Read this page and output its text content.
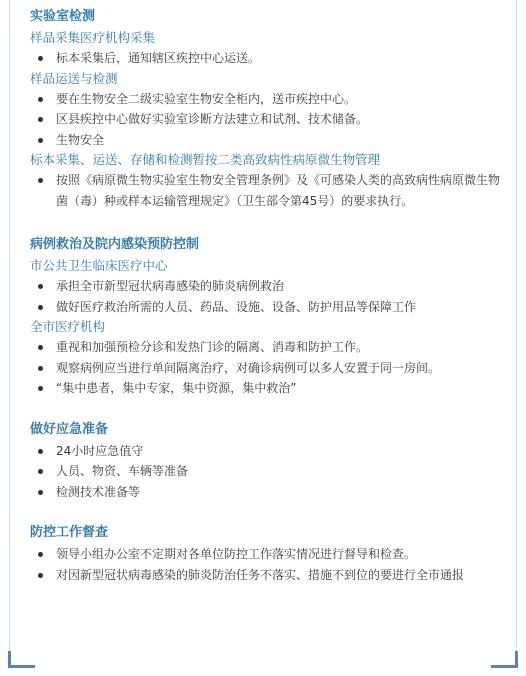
实验室检测
样品采集医疗机构采集
标本采集后，通知辖区疾控中心运送。
样品运送与检测
要在生物安全二级实验室生物安全柜内，送市疾控中心。
区县疾控中心做好实验室诊断方法建立和试剂、技术储备。
生物安全
标本采集、运送、存储和检测暂按二类高致病性病原微生物管理
按照《病原微生物实验室生物安全管理条例》及《可感染人类的高致病性病原微生物菌（毒）种或样本运输管理规定》（卫生部令第45号）的要求执行。
病例救治及院内感染预防控制
市公共卫生临床医疗中心
承担全市新型冠状病毒感染的肺炎病例救治
做好医疗救治所需的人员、药品、设施、设备、防护用品等保障工作
全市医疗机构
重视和加强预检分诊和发热门诊的隔离、消毒和防护工作。
观察病例应当进行单间隔离治疗，对确诊病例可以多人安置于同一房间。
“集中患者，集中专家，集中资源，集中救治”
做好应急准备
24小时应急值守
人员、物资、车辆等准备
检测技术准备等
防控工作督查
领导小组办公室不定期对各单位防控工作落实情况进行督导和检查。
对因新型冠状病毒感染的肺炎防治任务不落实、措施不到位的要进行全市通报
